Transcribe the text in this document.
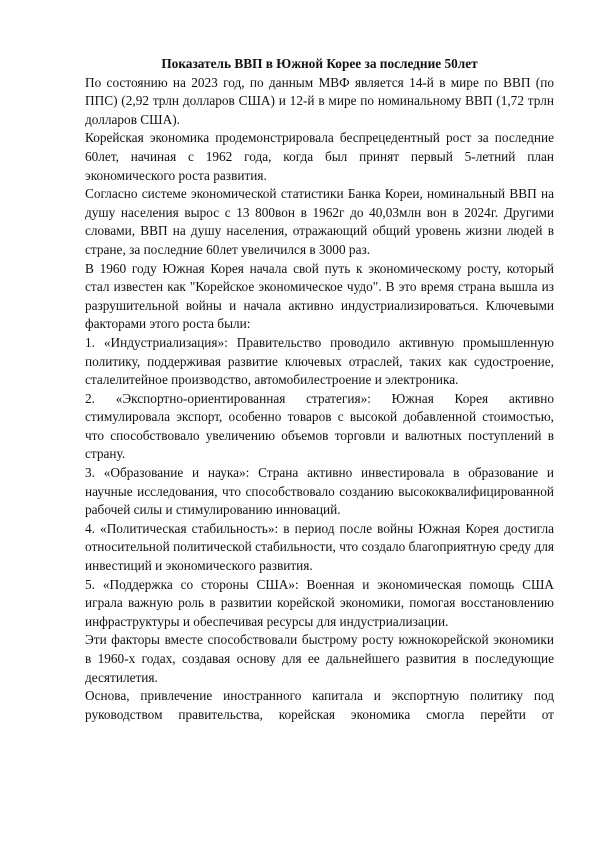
Показатель ВВП в Южной Корее за последние 50лет

По состоянию на 2023 год, по данным МВФ является 14-й в мире по ВВП (по ППС) (2,92 трлн долларов США) и 12-й в мире по номинальному ВВП (1,72 трлн долларов США).

Корейская экономика продемонстрировала беспрецедентный рост за последние 60лет, начиная с 1962 года, когда был принят первый 5-летний план экономического роста развития.

Согласно системе экономической статистики Банка Кореи, номинальный ВВП на душу населения вырос с 13 800вон в 1962г до 40,03млн вон в 2024г. Другими словами, ВВП на душу населения, отражающий общий уровень жизни людей в стране, за последние 60лет увеличился в 3000 раз.

В 1960 году Южная Корея начала свой путь к экономическому росту, который стал известен как "Корейское экономическое чудо". В это время страна вышла из разрушительной войны и начала активно индустриализироваться. Ключевыми факторами этого роста были:

1. «Индустриализация»: Правительство проводило активную промышленную политику, поддерживая развитие ключевых отраслей, таких как судостроение, сталелитейное производство, автомобилестроение и электроника.

2. «Экспортно-ориентированная стратегия»: Южная Корея активно стимулировала экспорт, особенно товаров с высокой добавленной стоимостью, что способствовало увеличению объемов торговли и валютных поступлений в страну.

3. «Образование и наука»: Страна активно инвестировала в образование и научные исследования, что способствовало созданию высококвалифицированной рабочей силы и стимулированию инноваций.

4. «Политическая стабильность»: в период после войны Южная Корея достигла относительной политической стабильности, что создало благоприятную среду для инвестиций и экономического развития.

5. «Поддержка со стороны США»: Военная и экономическая помощь США играла важную роль в развитии корейской экономики, помогая восстановлению инфраструктуры и обеспечивая ресурсы для индустриализации.

Эти факторы вместе способствовали быстрому росту южнокорейской экономики в 1960-х годах, создавая основу для ее дальнейшего развития в последующие десятилетия.

Основа, привлечение иностранного капитала и экспортную политику под руководством правительства, корейская экономика смогла перейти от
